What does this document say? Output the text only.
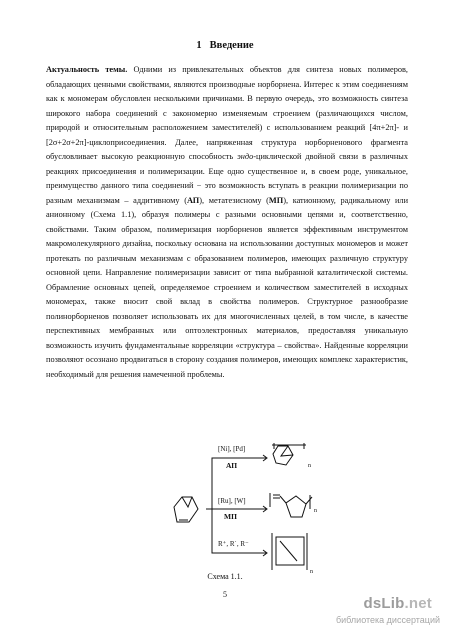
1 Введение

Актуальность темы. Одними из привлекательных объектов для синтеза новых полимеров, обладающих ценными свойствами, являются производные норборнена. Интерес к этим соединениям как к мономерам обусловлен несколькими причинами. В первую очередь, это возможность синтеза широкого набора соединений с закономерно изменяемым строением (различающихся числом, природой и относительным расположением заместителей) с использованием реакций [4π+2π]- и [2σ+2σ+2π]-циклоприсоединения. Далее, напряженная структура норборненового фрагмента обусловливает высокую реакционную способность эндо-циклической двойной связи в различных реакциях присоединения и полимеризации. Еще одно существенное и, в своем роде, уникальное, преимущество данного типа соединений − это возможность вступать в реакции полимеризации по разным механизмам – аддитивному (АП), метатезисному (МП), катионному, радикальному или анионному (Схема 1.1), образуя полимеры с разными основными цепями и, соответственно, свойствами. Таким образом, полимеризация норборненов является эффективным инструментом макромолекулярного дизайна, поскольку основана на использовании доступных мономеров и может протекать по различным механизмам с образованием полимеров, имеющих различную структуру основной цепи. Направление полимеризации зависит от типа выбранной каталитической системы. Обрамление основных цепей, определяемое строением и количеством заместителей в исходных мономерах, также вносит свой вклад в свойства полимеров. Структурное разнообразие полинорборненов позволяет использовать их для многочисленных целей, в том числе, в качестве перспективных мембранных или оптоэлектронных материалов, предоставляя уникальную возможность изучить фундаментальные корреляции «структура – свойства». Найденные корреляции позволяют осознано продвигаться в сторону создания полимеров, имеющих комплекс характеристик, необходимый для решения намеченной проблемы.

[Ni], [Pd]
АП	n
[Ru], [W]
МП
n
R⁺, R˙, R⁻
n
Схема 1.1.
5
dsLib.net
библиотека диссертаций
